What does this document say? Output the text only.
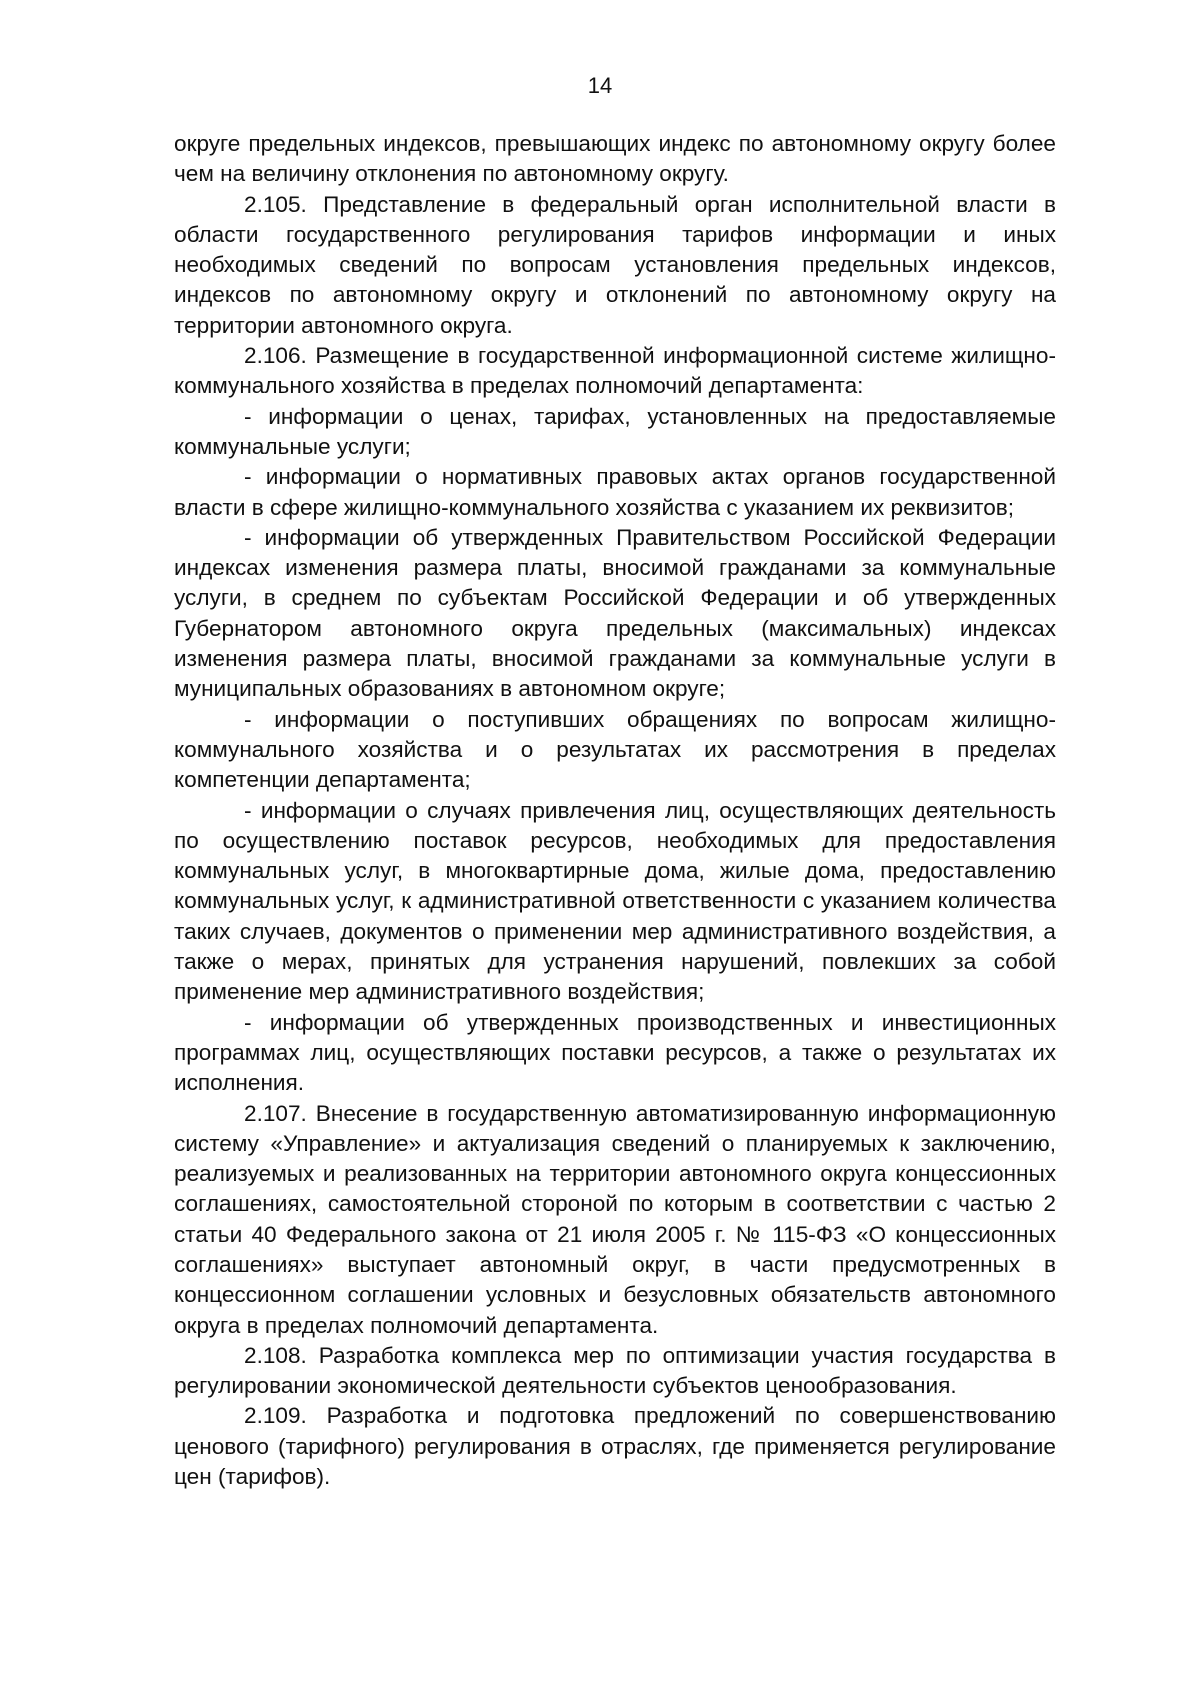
14

округе предельных индексов, превышающих индекс по автономному округу более чем на величину отклонения по автономному округу.

2.105. Представление в федеральный орган исполнительной власти в области государственного регулирования тарифов информации и иных необходимых сведений по вопросам установления предельных индексов, индексов по автономному округу и отклонений по автономному округу на территории автономного округа.

2.106. Размещение в государственной информационной системе жилищно-коммунального хозяйства в пределах полномочий департамента:

- информации о ценах, тарифах, установленных на предоставляемые коммунальные услуги;

- информации о нормативных правовых актах органов государственной власти в сфере жилищно-коммунального хозяйства с указанием их реквизитов;

- информации об утвержденных Правительством Российской Федерации индексах изменения размера платы, вносимой гражданами за коммунальные услуги, в среднем по субъектам Российской Федерации и об утвержденных Губернатором автономного округа предельных (максимальных) индексах изменения размера платы, вносимой гражданами за коммунальные услуги в муниципальных образованиях в автономном округе;

- информации о поступивших обращениях по вопросам жилищно-коммунального хозяйства и о результатах их рассмотрения в пределах компетенции департамента;

- информации о случаях привлечения лиц, осуществляющих деятельность по осуществлению поставок ресурсов, необходимых для предоставления коммунальных услуг, в многоквартирные дома, жилые дома, предоставлению коммунальных услуг, к административной ответственности с указанием количества таких случаев, документов о применении мер административного воздействия, а также о мерах, принятых для устранения нарушений, повлекших за собой применение мер административного воздействия;

- информации об утвержденных производственных и инвестиционных программах лиц, осуществляющих поставки ресурсов, а также о результатах их исполнения.

2.107. Внесение в государственную автоматизированную информационную систему «Управление» и актуализация сведений о планируемых к заключению, реализуемых и реализованных на территории автономного округа концессионных соглашениях, самостоятельной стороной по которым в соответствии с частью 2 статьи 40 Федерального закона от 21 июля 2005 г. № 115-ФЗ «О концессионных соглашениях» выступает автономный округ, в части предусмотренных в концессионном соглашении условных и безусловных обязательств автономного округа в пределах полномочий департамента.

2.108. Разработка комплекса мер по оптимизации участия государства в регулировании экономической деятельности субъектов ценообразования.

2.109. Разработка и подготовка предложений по совершенствованию ценового (тарифного) регулирования в отраслях, где применяется регулирование цен (тарифов).
